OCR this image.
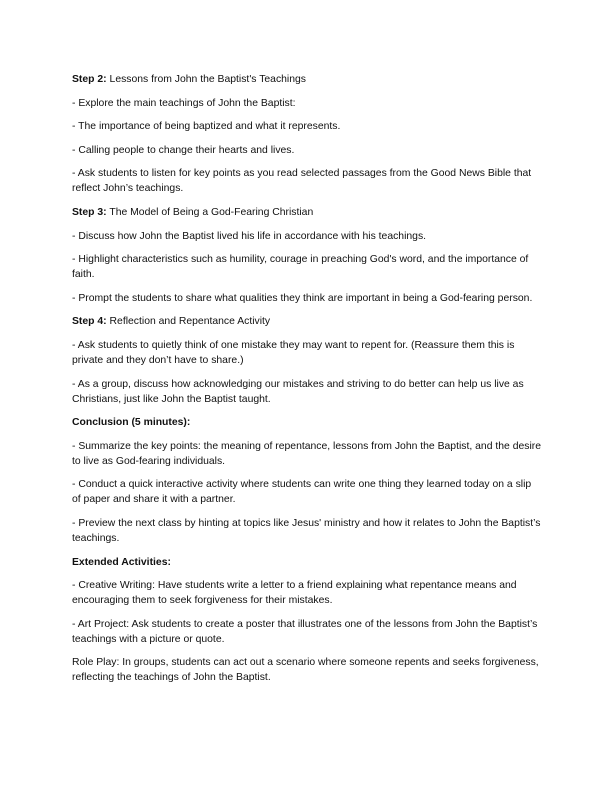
Step 2: Lessons from John the Baptist's Teachings

- Explore the main teachings of John the Baptist:

- The importance of being baptized and what it represents.

- Calling people to change their hearts and lives.

- Ask students to listen for key points as you read selected passages from the Good News Bible that reflect John’s teachings.

Step 3: The Model of Being a God-Fearing Christian

- Discuss how John the Baptist lived his life in accordance with his teachings.

- Highlight characteristics such as humility, courage in preaching God's word, and the importance of faith.

- Prompt the students to share what qualities they think are important in being a God-fearing person.

Step 4: Reflection and Repentance Activity

- Ask students to quietly think of one mistake they may want to repent for. (Reassure them this is private and they don’t have to share.)

- As a group, discuss how acknowledging our mistakes and striving to do better can help us live as Christians, just like John the Baptist taught.

Conclusion (5 minutes):

- Summarize the key points: the meaning of repentance, lessons from John the Baptist, and the desire to live as God-fearing individuals.

- Conduct a quick interactive activity where students can write one thing they learned today on a slip of paper and share it with a partner.

- Preview the next class by hinting at topics like Jesus' ministry and how it relates to John the Baptist’s teachings.

Extended Activities:

- Creative Writing: Have students write a letter to a friend explaining what repentance means and encouraging them to seek forgiveness for their mistakes.

- Art Project: Ask students to create a poster that illustrates one of the lessons from John the Baptist’s teachings with a picture or quote.

Role Play: In groups, students can act out a scenario where someone repents and seeks forgiveness, reflecting the teachings of John the Baptist.
